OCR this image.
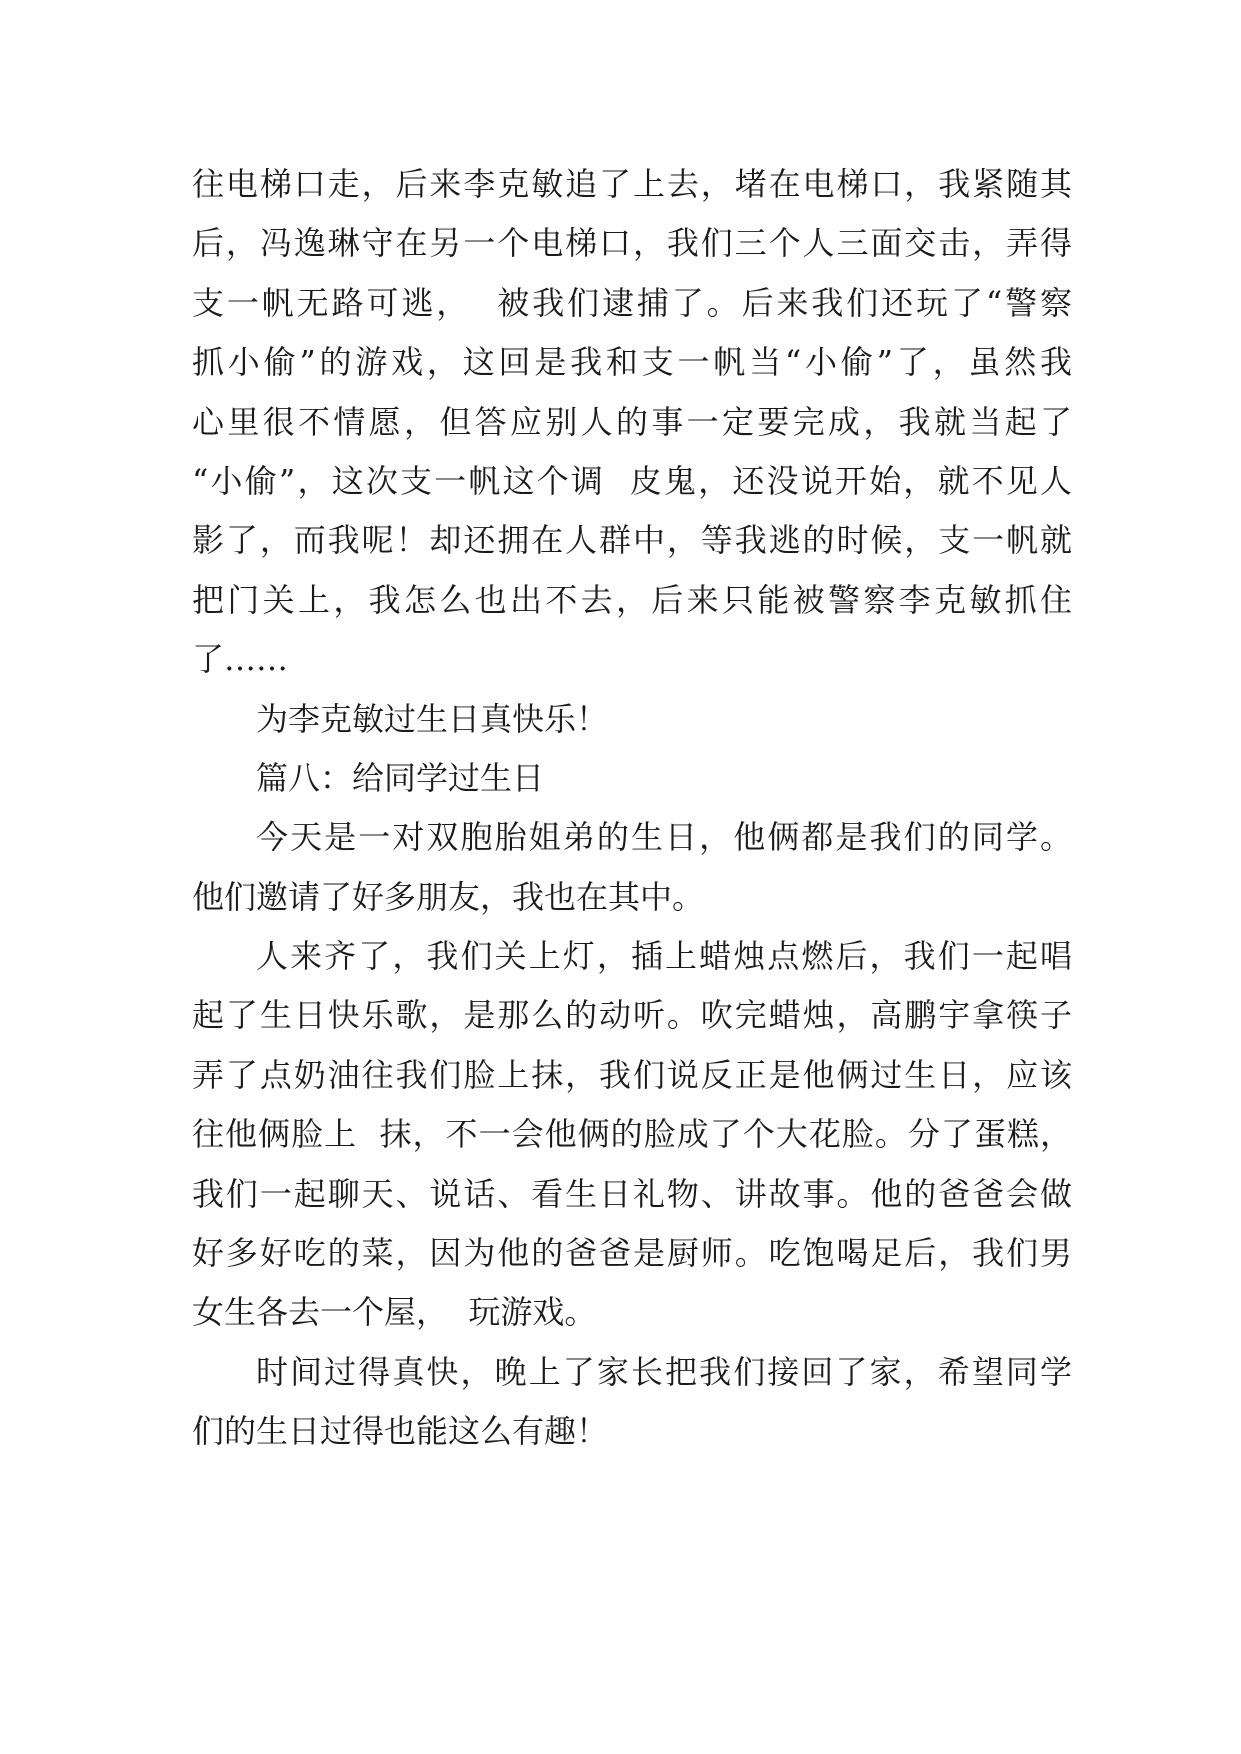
往电梯口走，后来李克敏追了上去，堵在电梯口，我紧随其
后，冯逸琳守在另一个电梯口，我们三个人三面交击，弄得
支一帆无路可逃，  被我们逮捕了。后来我们还玩了“警察
抓小偷”的游戏，这回是我和支一帆当“小偷”了，虽然我
心里很不情愿，但答应别人的事一定要完成，我就当起了
“小偷”，这次支一帆这个调  皮鬼，还没说开始，就不见人
影了，而我呢！却还拥在人群中，等我逃的时候，支一帆就
把门关上，我怎么也出不去，后来只能被警察李克敏抓住
了……
为李克敏过生日真快乐！
篇八：给同学过生日
今天是一对双胞胎姐弟的生日，他俩都是我们的同学。
他们邀请了好多朋友，我也在其中。
人来齐了，我们关上灯，插上蜡烛点燃后，我们一起唱
起了生日快乐歌，是那么的动听。吹完蜡烛，高鹏宇拿筷子
弄了点奶油往我们脸上抹，我们说反正是他俩过生日，应该
往他俩脸上  抹，不一会他俩的脸成了个大花脸。分了蛋糕，
我们一起聊天、说话、看生日礼物、讲故事。他的爸爸会做
好多好吃的菜，因为他的爸爸是厨师。吃饱喝足后，我们男
女生各去一个屋，  玩游戏。
时间过得真快，晚上了家长把我们接回了家，希望同学
们的生日过得也能这么有趣！
